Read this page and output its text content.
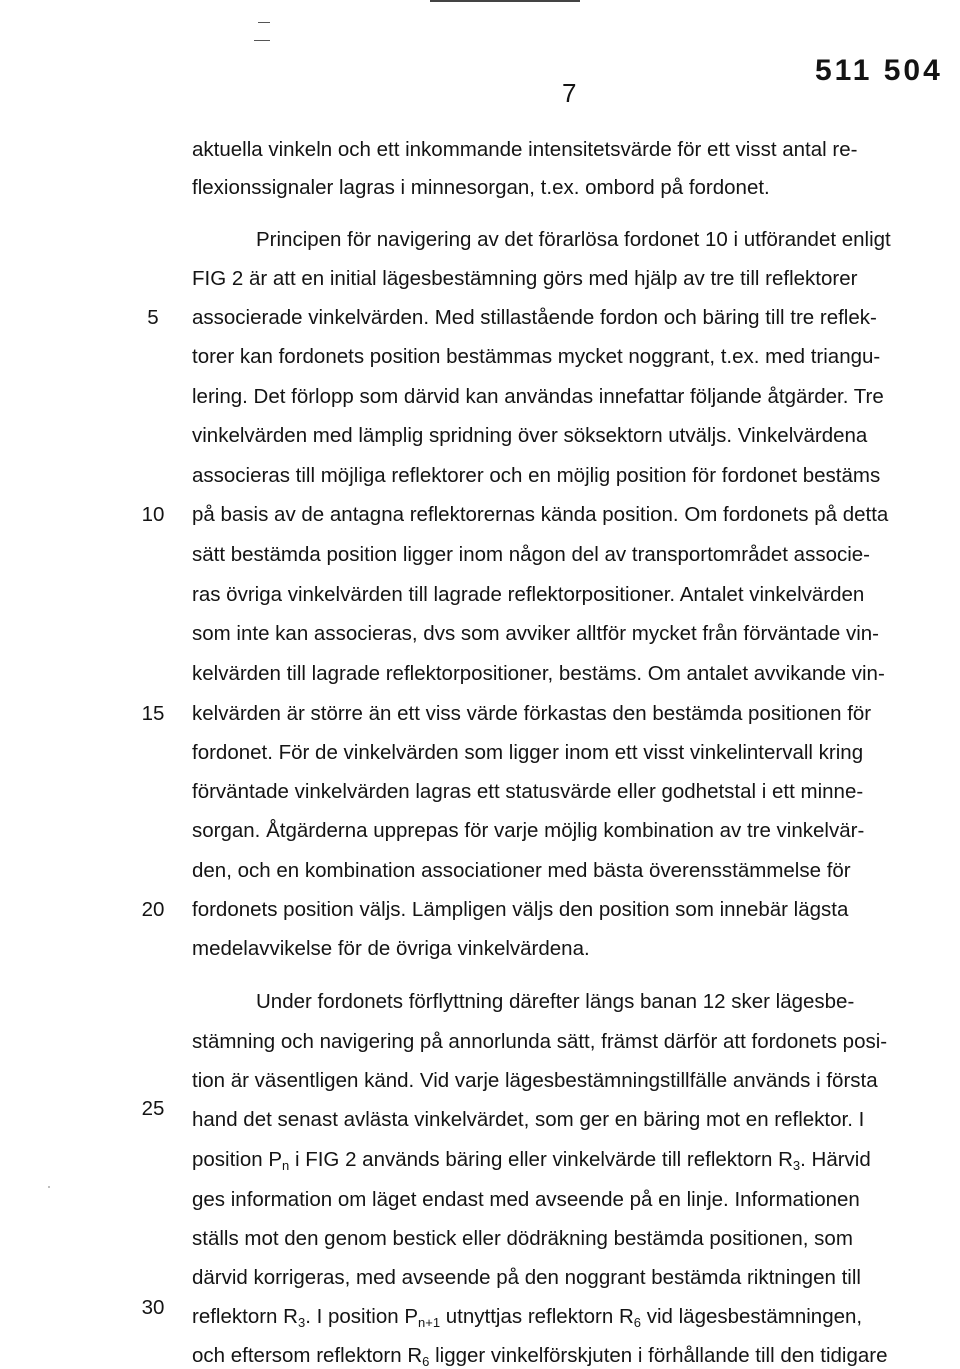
7
511 504
5
10
15
20
25
30
aktuella vinkeln och ett inkommande intensitetsvärde för ett visst antal re-
flexionssignaler lagras i minnesorgan, t.ex. ombord på fordonet.
Principen för navigering av det förarlösa fordonet 10 i utförandet enligt
FIG 2 är att en initial lägesbestämning görs med hjälp av tre till reflektorer
associerade vinkelvärden. Med stillastående fordon och bäring till tre reflek-
torer kan fordonets position bestämmas mycket noggrant, t.ex. med triangu-
lering. Det förlopp som därvid kan användas innefattar följande åtgärder. Tre
vinkelvärden med lämplig spridning över söksektorn utväljs. Vinkelvärdena
associeras till möjliga reflektorer och en möjlig position för fordonet bestäms
på basis av de antagna reflektorernas kända position. Om fordonets på detta
sätt bestämda position ligger inom någon del av transportområdet associe-
ras övriga vinkelvärden till lagrade reflektorpositioner. Antalet vinkelvärden
som inte kan associeras, dvs som avviker alltför mycket från förväntade vin-
kelvärden till lagrade reflektorpositioner, bestäms. Om antalet avvikande vin-
kelvärden är större än ett viss värde förkastas den bestämda positionen för
fordonet. För de vinkelvärden som ligger inom ett visst vinkelintervall kring
förväntade vinkelvärden lagras ett statusvärde eller godhetstal i ett minne-
sorgan. Åtgärderna upprepas för varje möjlig kombination av tre vinkelvär-
den, och en kombination associationer med bästa överensstämmelse för
fordonets position väljs. Lämpligen väljs den position som innebär lägsta
medelavvikelse för de övriga vinkelvärdena.
Under fordonets förflyttning därefter längs banan 12 sker lägesbe-
stämning och navigering på annorlunda sätt, främst därför att fordonets posi-
tion är väsentligen känd. Vid varje lägesbestämningstillfälle används i första
hand det senast avlästa vinkelvärdet, som ger en bäring mot en reflektor. I
position $P_n$ i FIG 2 används bäring eller vinkelvärde till reflektorn $R_3$. Härvid
ges information om läget endast med avseende på en linje. Informationen
ställs mot den genom bestick eller dödräkning bestämda positionen, som
därvid korrigeras, med avseende på den noggrant bestämda riktningen till
reflektorn $R_3$. I position $P_{n+1}$ utnyttjas reflektorn $R_6$ vid lägesbestämningen,
och eftersom reflektorn $R_6$ ligger vinkelförskjuten i förhållande till den tidigare
